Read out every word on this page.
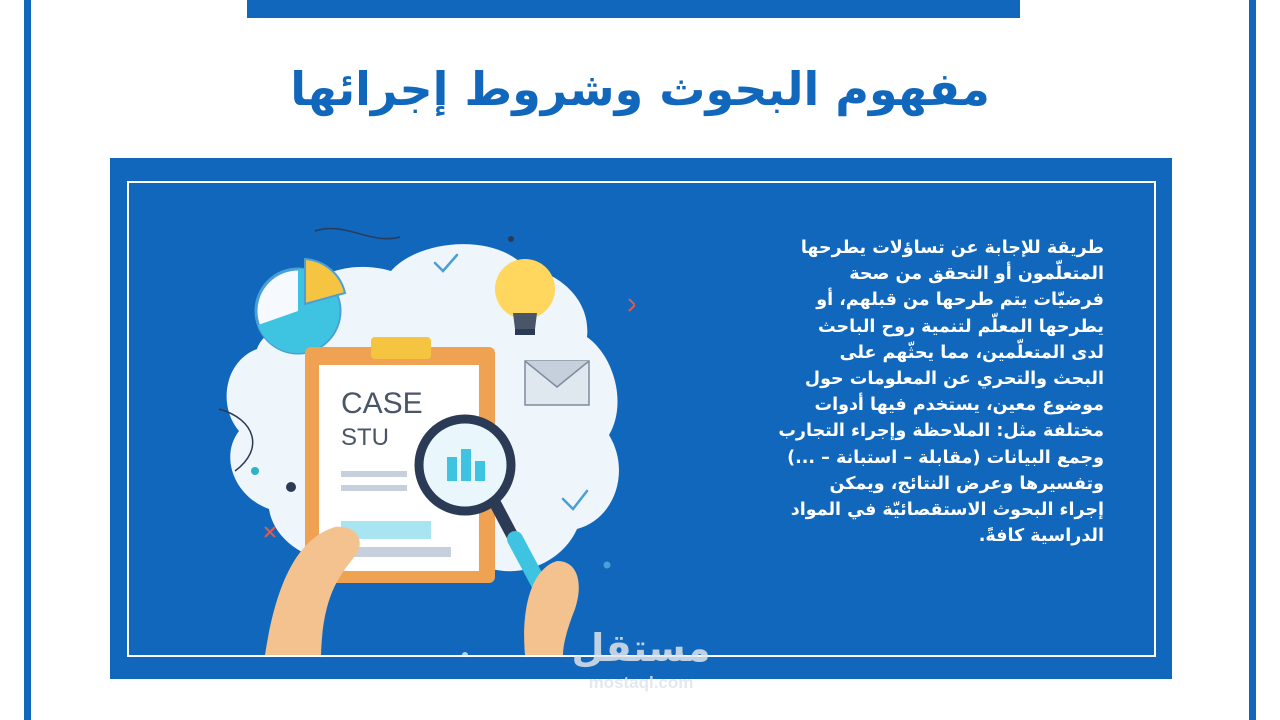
مفهوم البحوث وشروط إجرائها
CASE
STU

طريقة للإجابة عن تساؤلات يطرحها
المتعلّمون أو التحقق من صحة
فرضيّات يتم طرحها من قبلهم، أو
يطرحها المعلّم لتنمية روح الباحث
لدى المتعلّمين، مما يحثّهم على
البحث والتحري عن المعلومات حول
موضوع معين، يستخدم فيها أدوات
مختلفة مثل: الملاحظة وإجراء التجارب
وجمع البيانات (مقابلة – استبانة – ...)
وتفسيرها وعرض النتائج، ويمكن
إجراء البحوث الاستقصائيّة في المواد
الدراسية كافةً.

مستقل
mostaql.com
